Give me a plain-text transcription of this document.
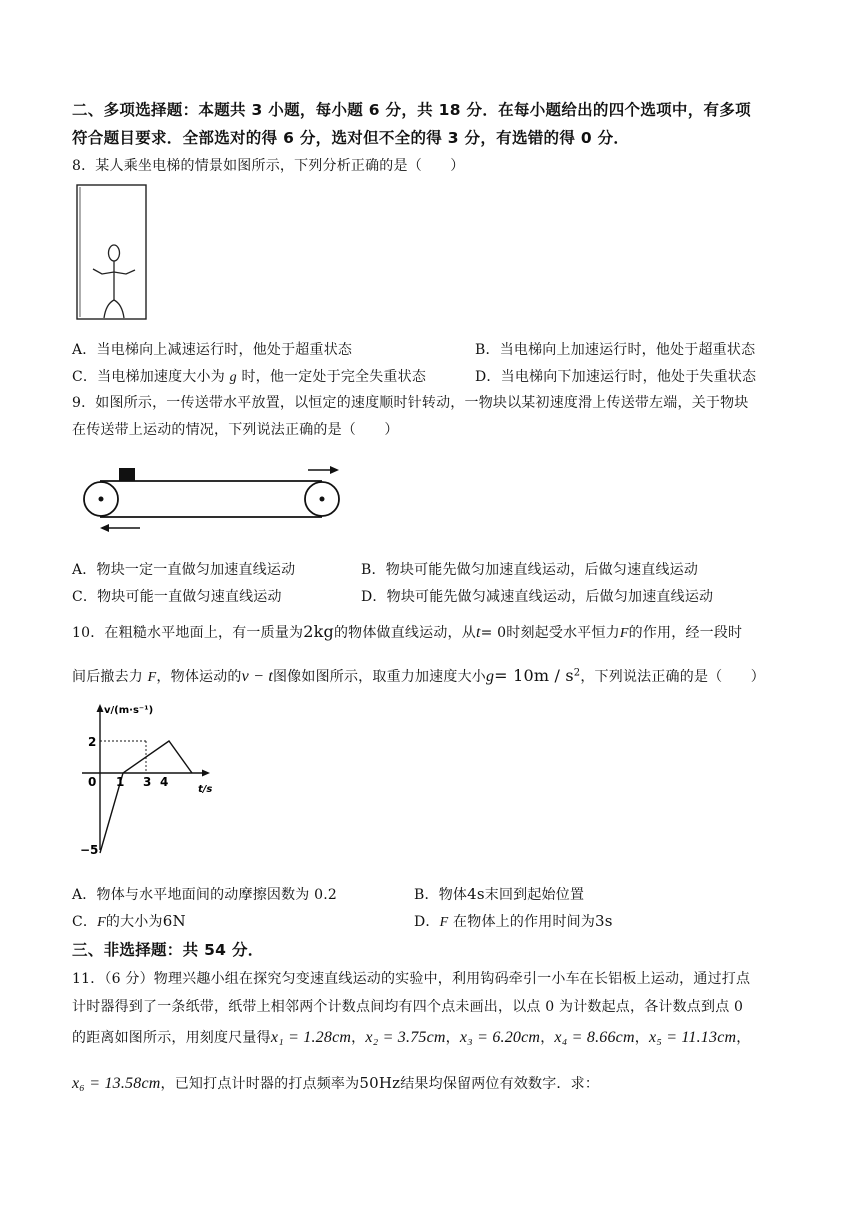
二、多项选择题：本题共 3 小题，每小题 6 分，共 18 分．在每小题给出的四个选项中，有多项
符合题目要求．全部选对的得 6 分，选对但不全的得 3 分，有选错的得 0 分．
8．某人乘坐电梯的情景如图所示，下列分析正确的是（　　）
A．当电梯向上减速运行时，他处于超重状态	B．当电梯向上加速运行时，他处于超重状态
C．当电梯加速度大小为 g 时，他一定处于完全失重状态	D．当电梯向下加速运行时，他处于失重状态
9．如图所示，一传送带水平放置，以恒定的速度顺时针转动，一物块以某初速度滑上传送带左端，关于物块
在传送带上运动的情况，下列说法正确的是（　　）
A．物块一定一直做匀加速直线运动	B．物块可能先做匀加速直线运动，后做匀速直线运动
C．物块可能一直做匀速直线运动	D．物块可能先做匀减速直线运动，后做匀加速直线运动
10．在粗糙水平地面上，有一质量为2kg的物体做直线运动，从t= 0时刻起受水平恒力F的作用，经一段时
间后撤去力 F，物体运动的v − t图像如图所示，取重力加速度大小$g= 10m / s^2$，下列说法正确的是（　　）
v/(m·s⁻¹)
t/s
0 1 3 4
2
−5
A．物体与水平地面间的动摩擦因数为 0.2	B．物体4s末回到起始位置
C．F的大小为6N	D．F 在物体上的作用时间为3s
三、非选择题：共 54 分．
11．（6 分）物理兴趣小组在探究匀变速直线运动的实验中，利用钩码牵引一小车在长铝板上运动，通过打点
计时器得到了一条纸带，纸带上相邻两个计数点间均有四个点未画出，以点 0 为计数起点，各计数点到点 0
的距离如图所示，用刻度尺量得x₁ = 1.28cm，x₂ = 3.75cm，x₃ = 6.20cm，x₄ = 8.66cm，x₅ = 11.13cm，
x₆ = 13.58cm，已知打点计时器的打点频率为50Hz结果均保留两位有效数字．求：
